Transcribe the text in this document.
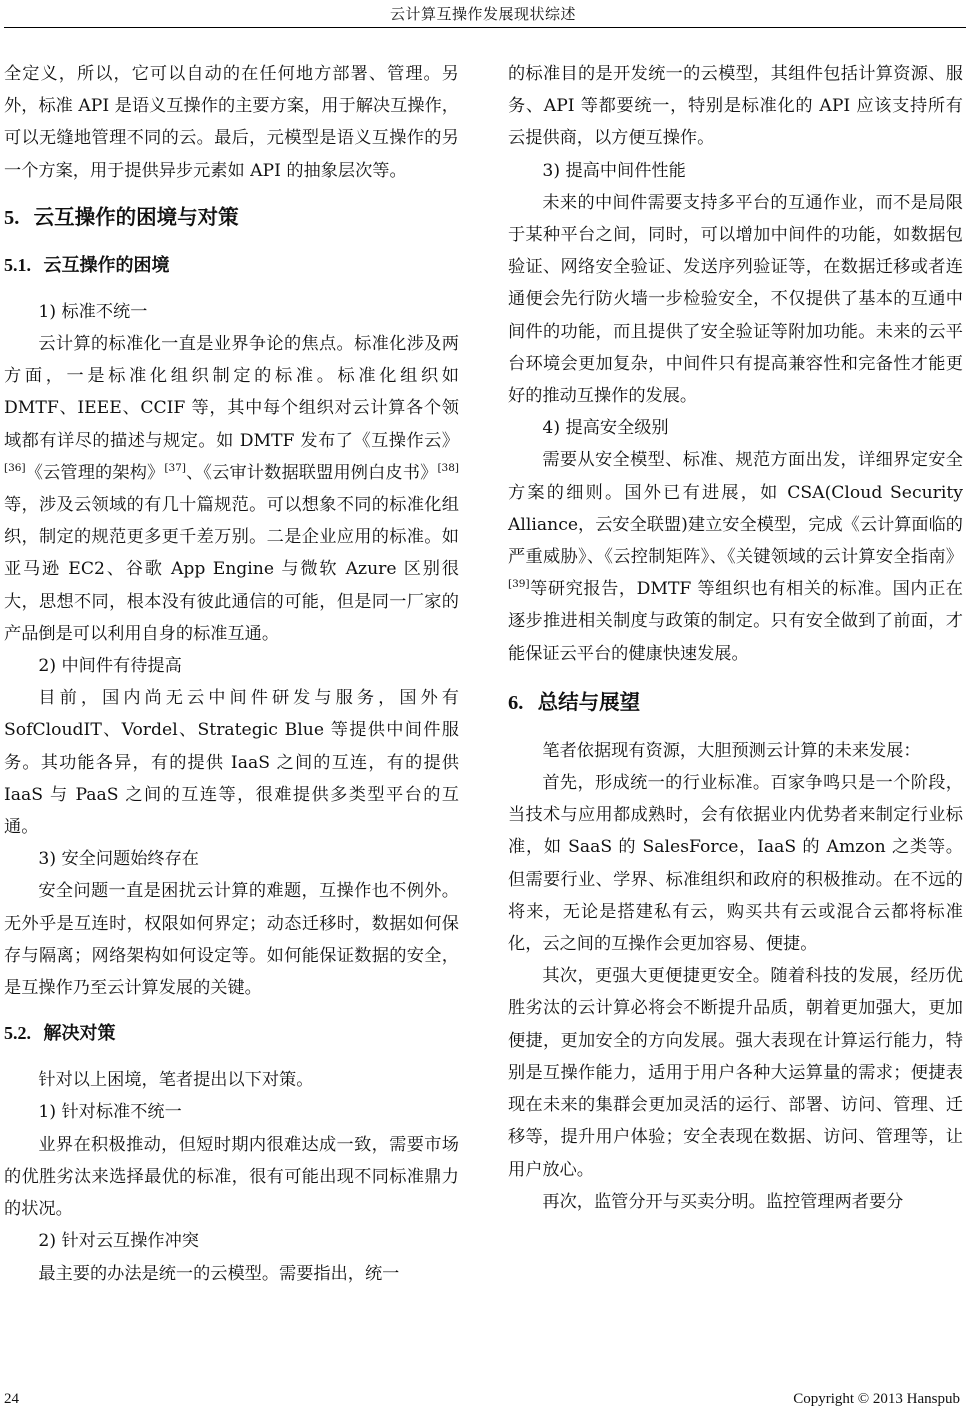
云计算互操作发展现状综述

全定义，所以，它可以自动的在任何地方部署、管理。另外，标准 API 是语义互操作的主要方案，用于解决互操作，可以无缝地管理不同的云。最后，元模型是语义互操作的另一个方案，用于提供异步元素如 API 的抽象层次等。

5. 云互操作的困境与对策
5.1. 云互操作的困境

1) 标准不统一

云计算的标准化一直是业界争论的焦点。标准化涉及两方面，一是标准化组织制定的标准。标准化组织如 DMTF、IEEE、CCIF 等，其中每个组织对云计算各个领域都有详尽的描述与规定。如 DMTF 发布了《互操作云》[36]《云管理的架构》[37]、《云审计数据联盟用例白皮书》[38]等，涉及云领域的有几十篇规范。可以想象不同的标准化组织，制定的规范更多更千差万别。二是企业应用的标准。如亚马逊 EC2、谷歌 App Engine 与微软 Azure 区别很大，思想不同，根本没有彼此通信的可能，但是同一厂家的产品倒是可以利用自身的标准互通。

2) 中间件有待提高

目前，国内尚无云中间件研发与服务，国外有 SofCloudIT、Vordel、Strategic Blue 等提供中间件服务。其功能各异，有的提供 IaaS 之间的互连，有的提供 IaaS 与 PaaS 之间的互连等，很难提供多类型平台的互通。

3) 安全问题始终存在

安全问题一直是困扰云计算的难题，互操作也不例外。无外乎是互连时，权限如何界定；动态迁移时，数据如何保存与隔离；网络架构如何设定等。如何能保证数据的安全，是互操作乃至云计算发展的关键。

5.2. 解决对策

针对以上困境，笔者提出以下对策。

1) 针对标准不统一

业界在积极推动，但短时期内很难达成一致，需要市场的优胜劣汰来选择最优的标准，很有可能出现不同标准鼎力的状况。

2) 针对云互操作冲突

最主要的办法是统一的云模型。需要指出，统一

的标准目的是开发统一的云模型，其组件包括计算资源、服务、API 等都要统一，特别是标准化的 API 应该支持所有云提供商，以方便互操作。

3) 提高中间件性能

未来的中间件需要支持多平台的互通作业，而不是局限于某种平台之间，同时，可以增加中间件的功能，如数据包验证、网络安全验证、发送序列验证等，在数据迁移或者连通便会先行防火墙一步检验安全，不仅提供了基本的互通中间件的功能，而且提供了安全验证等附加功能。未来的云平台环境会更加复杂，中间件只有提高兼容性和完备性才能更好的推动互操作的发展。

4) 提高安全级别

需要从安全模型、标准、规范方面出发，详细界定安全方案的细则。国外已有进展，如 CSA(Cloud Security Alliance，云安全联盟)建立安全模型，完成《云计算面临的严重威胁》、《云控制矩阵》、《关键领域的云计算安全指南》[39]等研究报告，DMTF 等组织也有相关的标准。国内正在逐步推进相关制度与政策的制定。只有安全做到了前面，才能保证云平台的健康快速发展。

6. 总结与展望

笔者依据现有资源，大胆预测云计算的未来发展：

首先，形成统一的行业标准。百家争鸣只是一个阶段，当技术与应用都成熟时，会有依据业内优势者来制定行业标准，如 SaaS 的 SalesForce，IaaS 的 Amzon 之类等。但需要行业、学界、标准组织和政府的积极推动。在不远的将来，无论是搭建私有云，购买共有云或混合云都将标准化，云之间的互操作会更加容易、便捷。

其次，更强大更便捷更安全。随着科技的发展，经历优胜劣汰的云计算必将会不断提升品质，朝着更加强大，更加便捷，更加安全的方向发展。强大表现在计算运行能力，特别是互操作能力，适用于用户各种大运算量的需求；便捷表现在未来的集群会更加灵活的运行、部署、访问、管理、迁移等，提升用户体验；安全表现在数据、访问、管理等，让用户放心。

再次，监管分开与买卖分明。监控管理两者要分

24	Copyright © 2013 Hanspub
